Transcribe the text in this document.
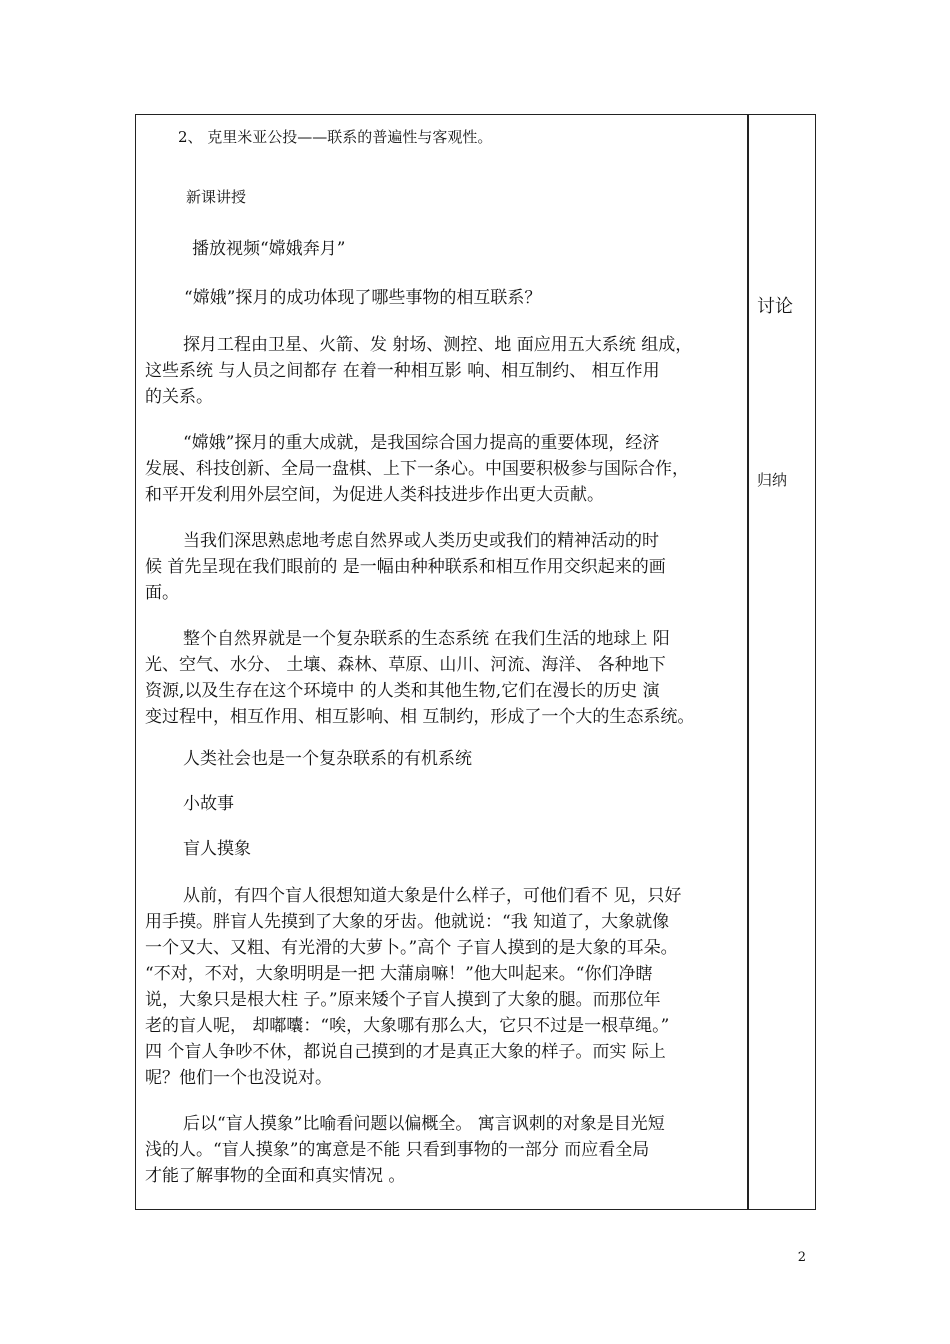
2、 克里米亚公投——联系的普遍性与客观性。

新课讲授

播放视频“嫦娥奔月”

“嫦娥”探月的成功体现了哪些事物的相互联系？

探月工程由卫星、火箭、发 射场、测控、地 面应用五大系统 组成，

这些系统 与人员之间都存 在着一种相互影 响、相互制约、 相互作用

的关系。

“嫦娥”探月的重大成就，是我国综合国力提高的重要体现，经济

发展、科技创新、全局一盘棋、上下一条心。中国要积极参与国际合作，

和平开发利用外层空间，为促进人类科技进步作出更大贡献。

当我们深思熟虑地考虑自然界或人类历史或我们的精神活动的时

候 首先呈现在我们眼前的 是一幅由种种联系和相互作用交织起来的画

面。

整个自然界就是一个复杂联系的生态系统 在我们生活的地球上 阳

光、空气、水分、 土壤、森林、草原、山川、河流、海洋、 各种地下

资源,以及生存在这个环境中 的人类和其他生物,它们在漫长的历史 演

变过程中，相互作用、相互影响、相 互制约，形成了一个大的生态系统。

人类社会也是一个复杂联系的有机系统

小故事

盲人摸象

从前，有四个盲人很想知道大象是什么样子，可他们看不 见，只好

用手摸。胖盲人先摸到了大象的牙齿。他就说：“我 知道了，大象就像

一个又大、又粗、有光滑的大萝卜。”高个 子盲人摸到的是大象的耳朵。

“不对，不对，大象明明是一把 大蒲扇嘛！”他大叫起来。“你们净瞎

说，大象只是根大柱 子。”原来矮个子盲人摸到了大象的腿。而那位年

老的盲人呢， 却嘟囔：“唉，大象哪有那么大，它只不过是一根草绳。”

四 个盲人争吵不休，都说自己摸到的才是真正大象的样子。而实 际上

呢？他们一个也没说对。

后以“盲人摸象”比喻看问题以偏概全。 寓言讽刺的对象是目光短

浅的人。“盲人摸象”的寓意是不能 只看到事物的一部分 而应看全局

才能了解事物的全面和真实情况 。

讨论
归纳
2
